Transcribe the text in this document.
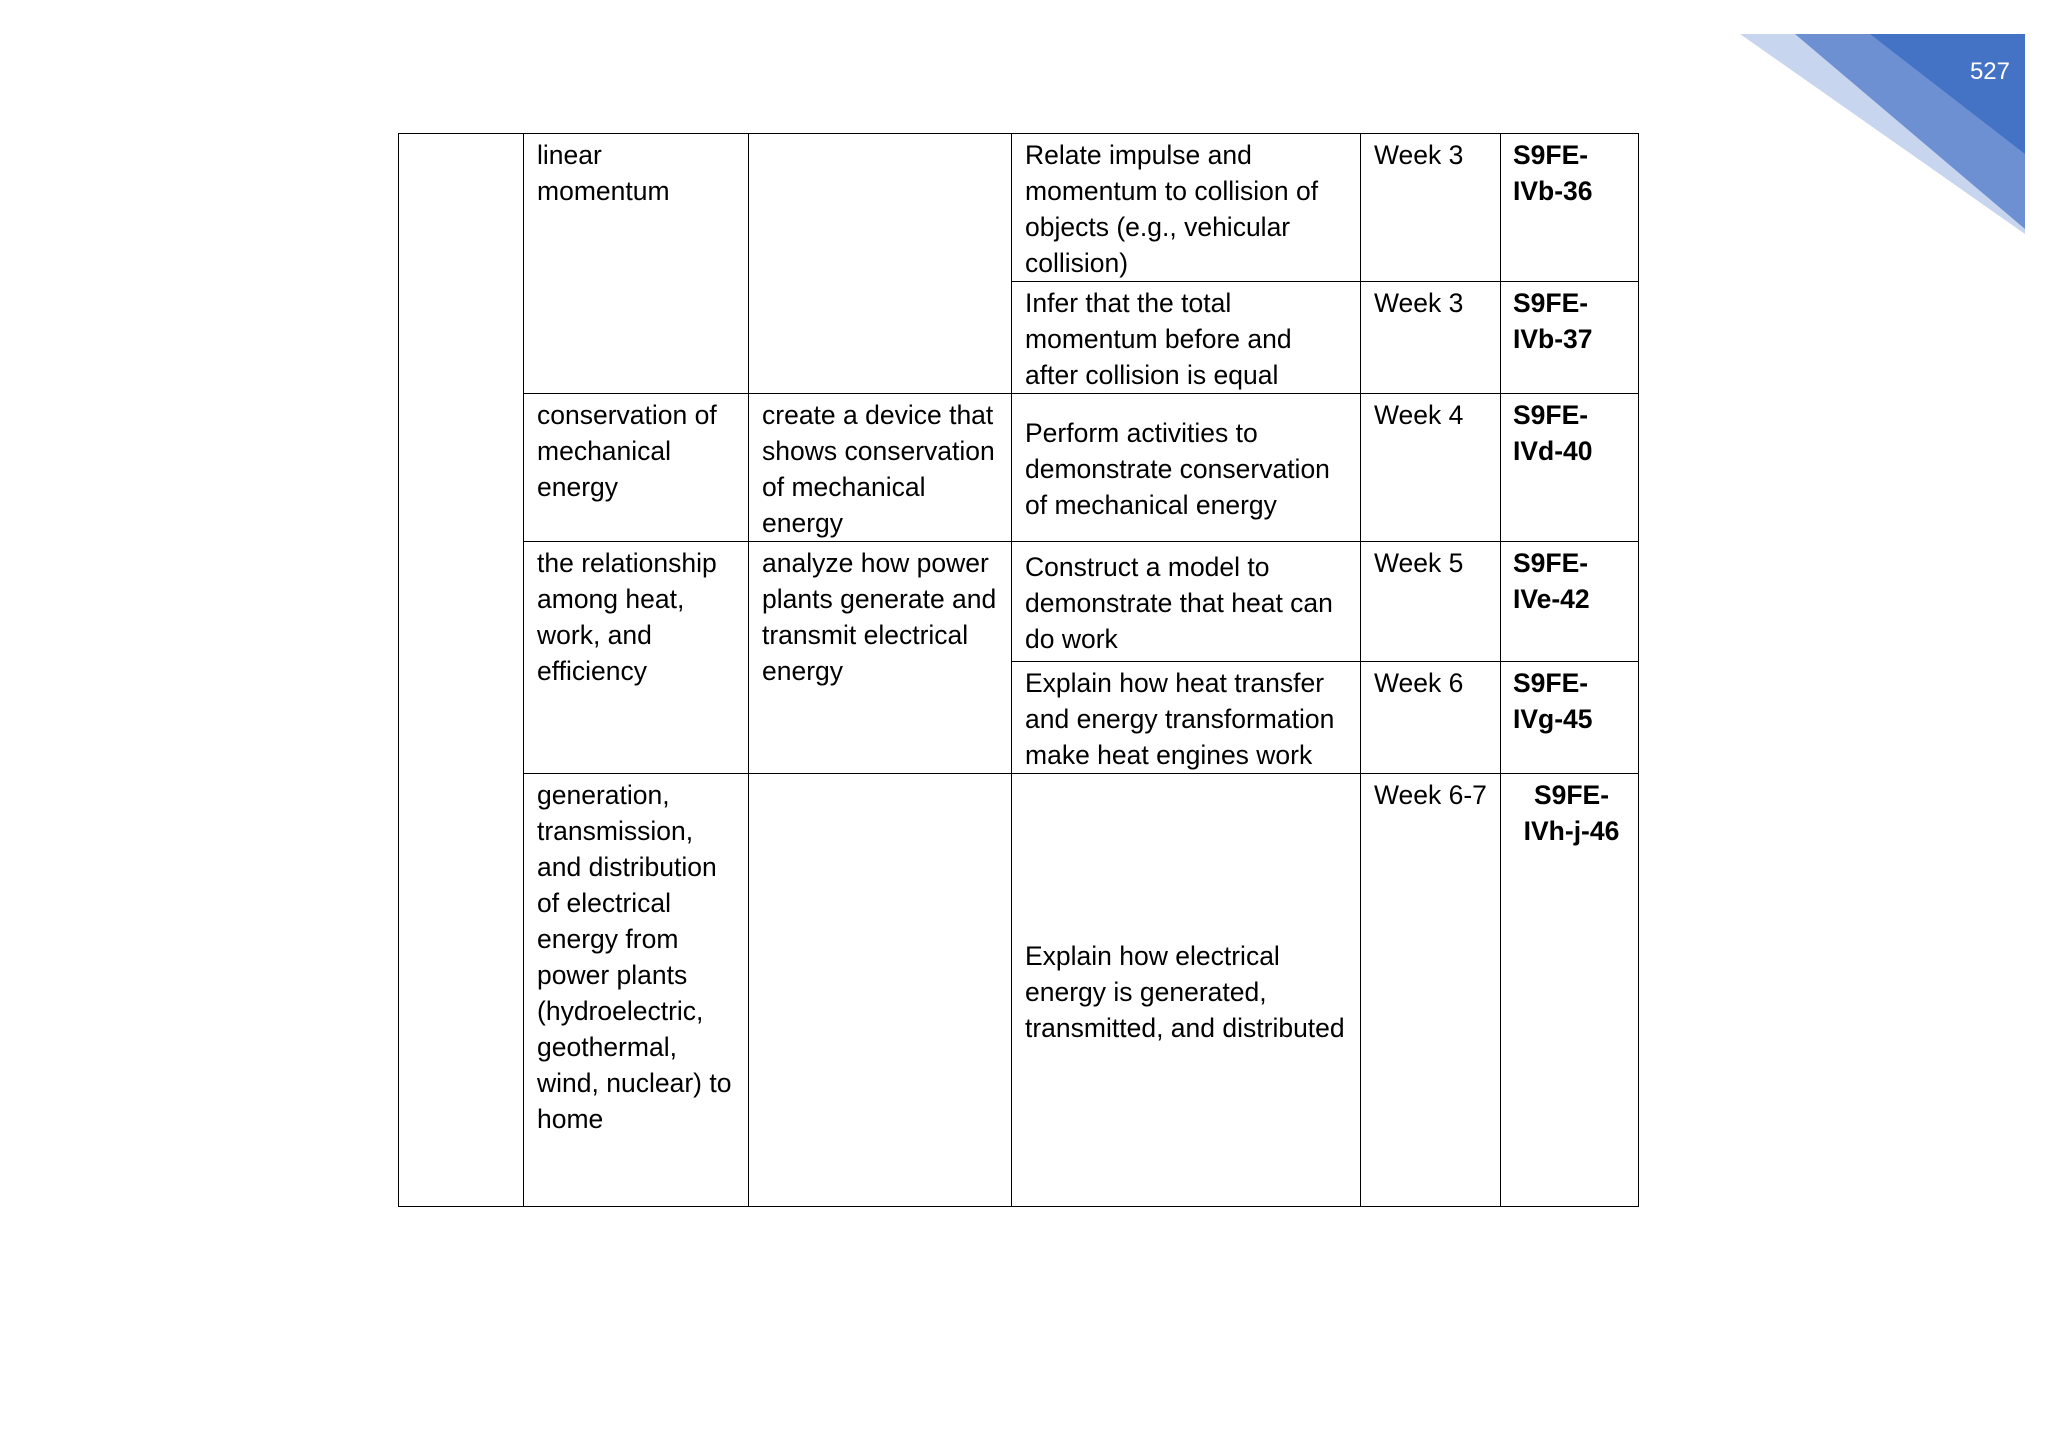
527
	linear momentum		Relate impulse and momentum to collision of objects (e.g., vehicular collision)	Week 3	S9FE-IVb-36
			Infer that the total momentum before and after collision is equal	Week 3	S9FE-IVb-37
	conservation of mechanical energy	create a device that shows conservation of mechanical energy	Perform activities to demonstrate conservation of mechanical energy	Week 4	S9FE-IVd-40
	the relationship among heat, work, and efficiency	analyze how power plants generate and transmit electrical energy	Construct a model to demonstrate that heat can do work	Week 5	S9FE-IVe-42
			Explain how heat transfer and energy transformation make heat engines work	Week 6	S9FE-IVg-45
	generation, transmission, and distribution of electrical energy from power plants (hydroelectric, geothermal, wind, nuclear) to home		Explain how electrical energy is generated, transmitted, and distributed	Week 6-7	S9FE-IVh-j-46
